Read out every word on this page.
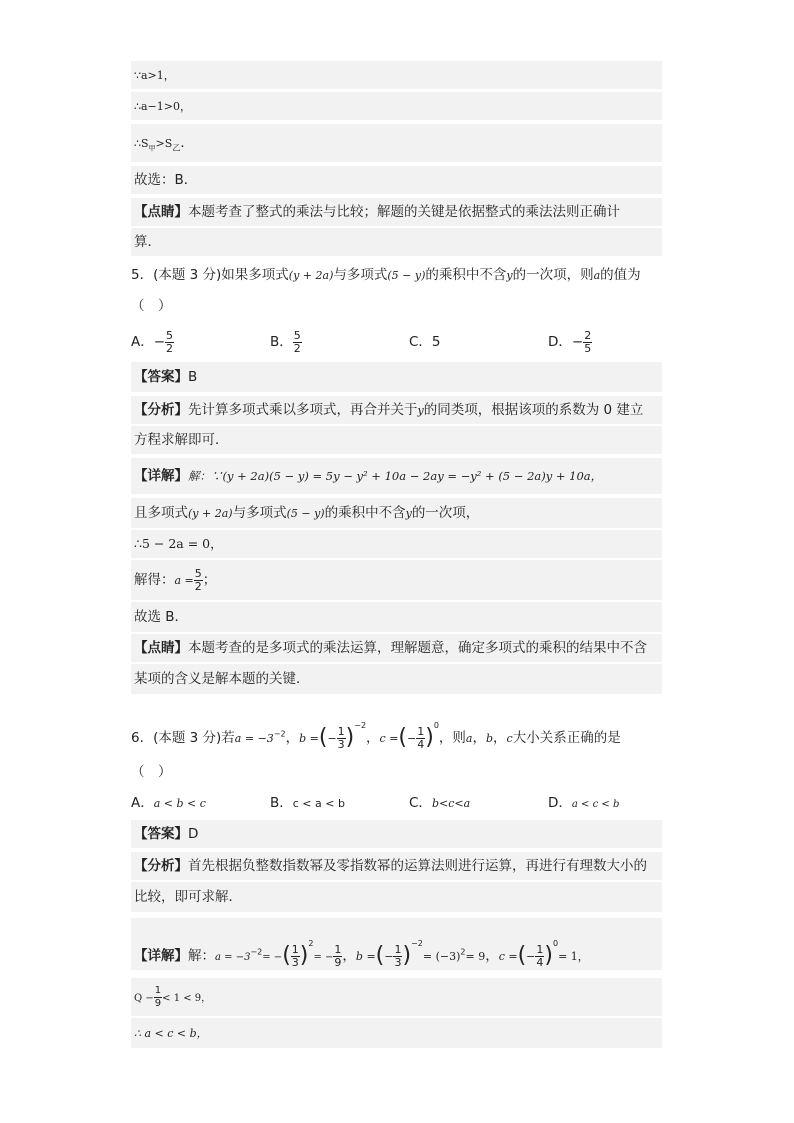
∵a>1，
∴a−1>0，
$\therefore S_甲>S_乙$．
故选：B．
【点睛】本题考查了整式的乘法与比较；解题的关键是依据整式的乘法法则正确计
算．
5．(本题 3 分)如果多项式(y + 2a)与多项式(5 − y)的乘积中不含y的一次项，则a的值为
（　）
A．− $\frac{5}{2}$	B． $\frac{5}{2}$	C．5	D．− $\frac{2}{5}$
【答案】B
【分析】先计算多项式乘以多项式，再合并关于y的同类项，根据该项的系数为 0 建立
方程求解即可．
【详解】解：∵(y + 2a)(5 − y) = 5y − y² + 10a − 2ay = −y² + (5 − 2a)y + 10a，
且多项式(y + 2a)与多项式(5 − y)的乘积中不含y的一次项，
∴5 − 2a = 0，
解得：$a = \frac{5}{2}$ ；
故选 B．
【点睛】本题考查的是多项式的乘法运算，理解题意，确定多项式的乘积的结果中不含
某项的含义是解本题的关键．
6．(本题 3 分)若$a = -3^{-2}$，b =(− $\frac{1}{3} )^{-2}$，c =(− $\frac{1}{4} )^0$，则a，b，c大小关系正确的是
（　）
A．a < b < c	B．c < a < b	C．b<c<a	D．a < c < b
【答案】D
【分析】首先根据负整数指数幂及零指数幂的运算法则进行运算，再进行有理数大小的
比较，即可求解．
【详解】解：$a = -3^{-2}=$ −( $\frac{1}{3} )^2= - \frac{1}{9}$ ，b =(− $\frac{1}{3} )^{-2}= (-3)^2= 9$，c =(− $\frac{1}{4} )^0= 1$，
$Q - \frac{1}{9} < 1 < 9$，
∴ a < c < b，
